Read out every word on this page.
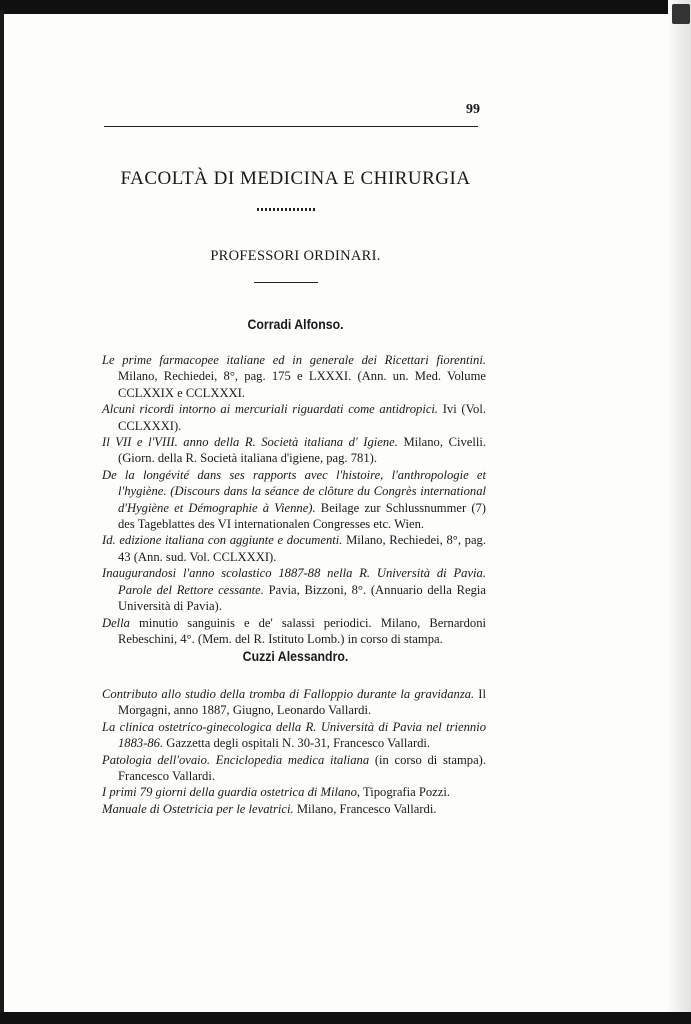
99
FACOLTÀ DI MEDICINA E CHIRURGIA
PROFESSORI ORDINARI.
Corradi Alfonso.

Le prime farmacopee italiane ed in generale dei Ricettari fiorentini. Milano, Rechiedei, 8°, pag. 175 e LXXXI. (Ann. un. Med. Volume CCLXXIX e CCLXXXI.

Alcuni ricordi intorno ai mercuriali riguardati come antidropici. Ivi (Vol. CCLXXXI).

Il VII e l'VIII. anno della R. Società italiana d' Igiene. Milano, Civelli. (Giorn. della R. Società italiana d'igiene, pag. 781).

De la longévité dans ses rapports avec l'histoire, l'anthropologie et l'hygiène. (Discours dans la séance de clôture du Congrès international d'Hygiène et Démographie à Vienne). Beilage zur Schlussnummer (7) des Tageblattes des VI internationalen Congresses etc. Wien.

Id. edizione italiana con aggiunte e documenti. Milano, Rechiedei, 8°, pag. 43 (Ann. sud. Vol. CCLXXXI).

Inaugurandosi l'anno scolastico 1887-88 nella R. Università di Pavia. Parole del Rettore cessante. Pavia, Bizzoni, 8°. (Annuario della Regia Università di Pavia).

Della minutio sanguinis e de' salassi periodici. Milano, Bernardoni Rebeschini, 4°. (Mem. del R. Istituto Lomb.) in corso di stampa.

Cuzzi Alessandro.

Contributo allo studio della tromba di Falloppio durante la gravidanza. Il Morgagni, anno 1887, Giugno, Leonardo Vallardi.

La clinica ostetrico-ginecologica della R. Università di Pavia nel triennio 1883-86. Gazzetta degli ospitali N. 30-31, Francesco Vallardi.

Patologia dell'ovaio. Enciclopedia medica italiana (in corso di stampa). Francesco Vallardi.

I primi 79 giorni della guardia ostetrica di Milano, Tipografia Pozzi.

Manuale di Ostetricia per le levatrici. Milano, Francesco Vallardi.
